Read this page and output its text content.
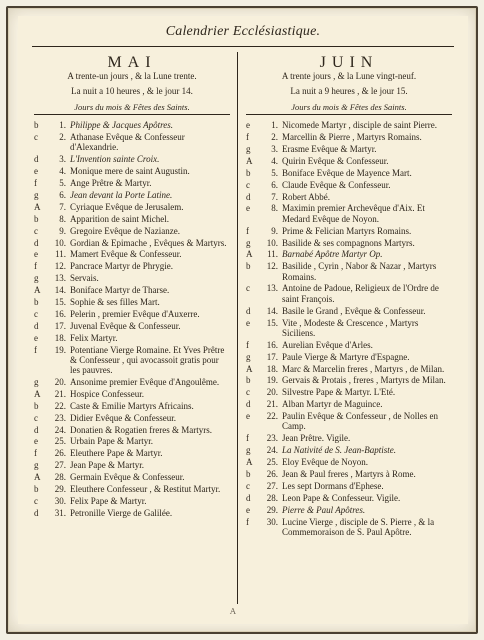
Calendrier Ecclésiastique.
MAI
A trente-un jours , & la Lune trente.
La nuit a 10 heures , & le jour 14.
Jours du mois & Fêtes des Saints.
b	1. Philippe & Jacques Apôtres.
c	2. Athanase Evêque & Confesseur d'Alexandrie.
d	3. L'Invention sainte Croix.
e	4. Monique mere de saint Augustin.
f	5. Ange Prêtre & Martyr.
g	6. Jean devant la Porte Latine.
A	7. Cyriaque Evêque de Jerusalem.
b	8. Apparition de saint Michel.
c	9. Gregoire Evêque de Nazianze.
d	10. Gordian & Epimache , Evêques & Martyrs.
e	11. Mamert Evêque & Confesseur.
f	12. Pancrace Martyr de Phrygie.
g	13. Servais.
A	14. Boniface Martyr de Tharse.
b	15. Sophie & ses filles Mart.
c	16. Pelerin , premier Evêque d'Auxerre.
d	17. Juvenal Evêque & Confesseur.
e	18. Felix Martyr.
f	19. Potentiane Vierge Romaine. Et Yves Prêtre & Confesseur , qui avocassoit gratis pour les pauvres.
g	20. Ansonime premier Evêque d'Angoulême.
A	21. Hospice Confesseur.
b	22. Caste & Emilie Martyrs Africains.
c	23. Didier Evêque & Confesseur.
d	24. Donatien & Rogatien freres & Martyrs.
e	25. Urbain Pape & Martyr.
f	26. Eleuthere Pape & Martyr.
g	27. Jean Pape & Martyr.
A	28. Germain Evêque & Confesseur.
b	29. Eleuthere Confesseur , & Restitut Martyr.
c	30. Felix Pape & Martyr.
d	31. Petronille Vierge de Galilée.
JUIN
A trente jours , & la Lune vingt-neuf.
La nuit a 9 heures , & le jour 15.
Jours du mois & Fêtes des Saints.
e	1. Nicomede Martyr , disciple de saint Pierre.
f	2. Marcellin & Pierre , Martyrs Romains.
g	3. Erasme Evêque & Martyr.
A	4. Quirin Evêque & Confesseur.
b	5. Boniface Evêque de Mayence Mart.
c	6. Claude Evêque & Confesseur.
d	7. Robert Abbé.
e	8. Maximin premier Archevêque d'Aix. Et Medard Evêque de Noyon.
f	9. Prime & Felician Martyrs Romains.
g	10. Basilide & ses compagnons Martyrs.
A	11. Barnabé Apôtre Martyr Op.
b	12. Basilide , Cyrin , Nabor & Nazar , Martyrs Romains.
c	13. Antoine de Padoue, Religieux de l'Ordre de saint François.
d	14. Basile le Grand , Evêque & Confesseur.
e	15. Vite , Modeste & Crescence , Martyrs Siciliens.
f	16. Aurelian Evêque d'Arles.
g	17. Paule Vierge & Martyre d'Espagne.
A	18. Marc & Marcelin freres , Martyrs , de Milan.
b	19. Gervais & Protais , freres , Martyrs de Milan.
c	20. Silvestre Pape & Martyr. L'Eté.
d	21. Alban Martyr de Maguince.
e	22. Paulin Evêque & Confesseur , de Nolles en Camp.
f	23. Jean Prêtre. Vigile.
g	24. La Nativité de S. Jean-Baptiste.
A	25. Eloy Evêque de Noyon.
b	26. Jean & Paul freres , Martyrs à Rome.
c	27. Les sept Dormans d'Ephese.
d	28. Leon Pape & Confesseur. Vigile.
e	29. Pierre & Paul Apôtres.
f	30. Lucine Vierge , disciple de S. Pierre , & la Commemoraison de S. Paul Apôtre.
A
